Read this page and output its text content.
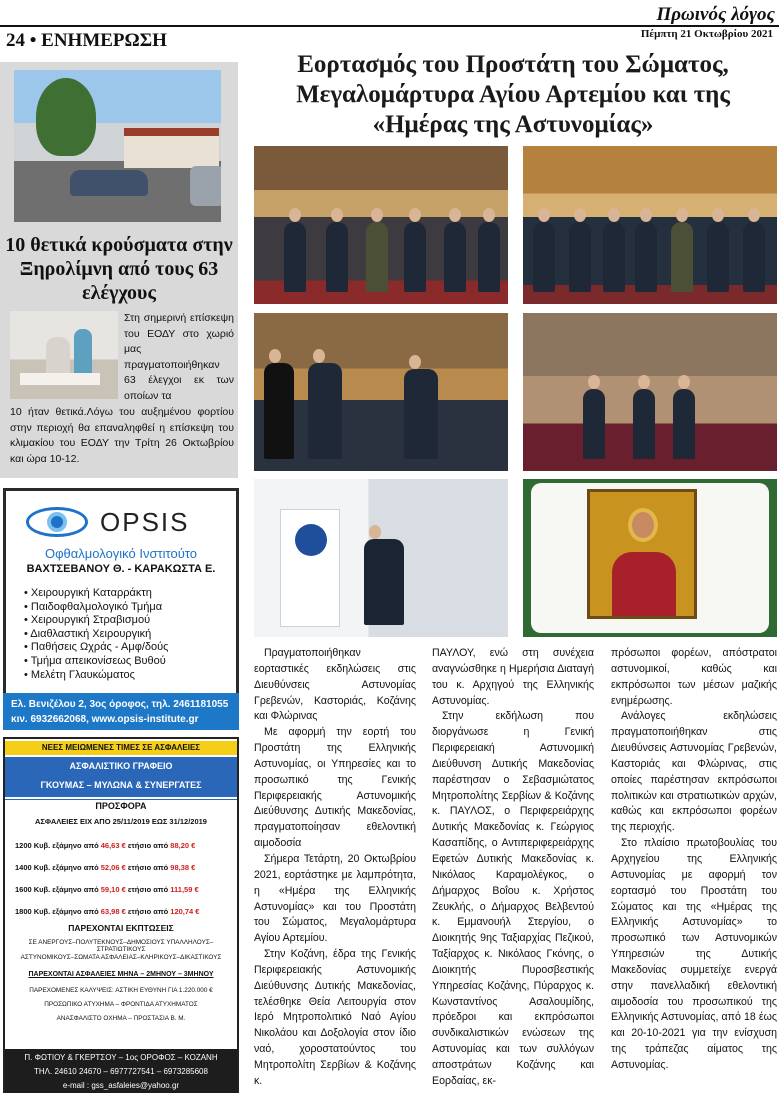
Πρωινός λόγος
24 • ΕΝΗΜΕΡΩΣΗ	Πέμπτη 21 Οκτωβρίου 2021
Εορτασμός του Προστάτη του Σώματος, Μεγαλομάρτυρα Αγίου Αρτεμίου και της «Ημέρας της Αστυνομίας»
10 θετικά κρούσματα στην Ξηρολίμνη από τους 63 ελέγχους

Στη σημερινή επίσκεψη του ΕΟΔΥ στο χωριό μας πραγματοποιήθηκαν 63 έλεγχοι εκ των οποίων τα

10 ήταν θετικά.Λόγω του αυξημένου φορτίου στην περιοχή θα επαναληφθεί η επίσκεψη του κλιμακίου του ΕΟΔΥ την Τρίτη 26 Οκτωβρίου και ώρα 10-12.

OPSIS
Οφθαλμολογικό Ινστιτούτο
ΒΑΧΤΣΕΒΑΝΟΥ Θ. - ΚΑΡΑΚΩΣΤΑ Ε.
• Χειρουργική Καταρράκτη
• Παιδοφθαλμολογικό Τμήμα
• Χειρουργική Στραβισμού
• Διαθλαστική Χειρουργική
• Παθήσεις Ωχράς - Αμφ/δούς
• Τμήμα απεικονίσεως Βυθού
• Μελέτη Γλαυκώματος
Ελ. Βενιζέλου 2, 3ος όροφος, τηλ. 2461181055
κιν. 6932662068, www.opsis-institute.gr
ΝΕΕΣ ΜΕΙΩΜΕΝΕΣ ΤΙΜΕΣ ΣΕ ΑΣΦΑΛΕΙΕΣ
ΑΣΦΑΛΙΣΤΙΚΟ ΓΡΑΦΕΙΟ
ΓΚΟΥΜΑΣ – ΜΥΛΩΝΑ & ΣΥΝΕΡΓΑΤΕΣ
ΠΡΟΣΦΟΡΑ
ΑΣΦΑΛΕΙΕΣ ΕΙΧ ΑΠΟ 25/11/2019 ΕΩΣ 31/12/2019
1200 Κυβ. εξάμηνο από 46,63 € ετήσιο από 88,20 €
1400 Κυβ. εξάμηνο από 52,06 € ετήσιο από 98,38 €
1600 Κυβ. εξάμηνο από 59,10 € ετήσιο από 111,59 €
1800 Κυβ. εξάμηνο από 63,98 € ετήσιο από 120,74 €
ΠΑΡΕΧΟΝΤΑΙ ΕΚΠΤΩΣΕΙΣ
ΣΕ ΑΝΕΡΓΟΥΣ–ΠΟΛΥΤΕΚΝΟΥΣ–ΔΗΜΟΣΙΟΥΣ ΥΠΑΛΛΗΛΟΥΣ–ΣΤΡΑΤΙΩΤΙΚΟΥΣ
ΑΣΤΥΝΟΜΙΚΟΥΣ–ΣΩΜΑΤΑ ΑΣΦΑΛΕΙΑΣ–ΚΛΗΡΙΚΟΥΣ–ΔΙΚΑΣΤΙΚΟΥΣ
ΠΑΡΕΧΟΝΤΑΙ ΑΣΦΑΛΕΙΕΣ ΜΗΝΑ – 2ΜΗΝΟΥ – 3ΜΗΝΟΥ
ΠΑΡΕΧΟΜΕΝΕΣ ΚΑΛΥΨΕΙΣ: ΑΣΤΙΚΗ ΕΥΘΥΝΗ ΓΙΑ 1.220.000 €
ΠΡΟΣΩΠΙΚΟ ΑΤΥΧΗΜΑ – ΦΡΟΝΤΙΔΑ ΑΤΥΧΗΜΑΤΟΣ
ΑΝΑΣΦΑΛΙΣΤΟ ΟΧΗΜΑ – ΠΡΟΣΤΑΣΙΑ Β. Μ.
Π. ΦΩΤΙΟΥ & ΓΚΕΡΤΣΟΥ – 1ος ΟΡΟΦΟΣ – ΚΟΖΑΝΗ
ΤΗΛ. 24610 24670 – 6977727541 – 6973285608
e-mail : gss_asfaleies@yahoo.gr

Πραγματοποιήθηκαν εορταστικές εκδηλώσεις στις Διευθύνσεις Αστυνομίας Γρεβενών, Καστοριάς, Κοζάνης και Φλώρινας

Με αφορμή την εορτή του Προστάτη της Ελληνικής Αστυνομίας, οι Υπηρεσίες και το προσωπικό της Γενικής Περιφερειακής Αστυνομικής Διεύθυνσης Δυτικής Μακεδονίας, πραγματοποίησαν εθελοντική αιμοδοσία

Σήμερα Τετάρτη, 20 Οκτωβρίου 2021, εορτάστηκε με λαμπρότητα, η «Ημέρα της Ελληνικής Αστυνομίας» και του Προστάτη του Σώματος, Μεγαλομάρτυρα Αγίου Αρτεμίου.

Στην Κοζάνη, έδρα της Γενικής Περιφερειακής Αστυνομικής Διεύθυνσης Δυτικής Μακεδονίας, τελέσθηκε Θεία Λειτουργία στον Ιερό Μητροπολιτικό Ναό Αγίου Νικολάου και Δοξολογία στον ίδιο ναό, χοροστατούντος του Μητροπολίτη Σερβίων & Κοζάνης κ.

ΠΑΥΛΟΥ, ενώ στη συνέχεια αναγνώσθηκε η Ημερήσια Διαταγή του κ. Αρχηγού της Ελληνικής Αστυνομίας.

Στην εκδήλωση που διοργάνωσε η Γενική Περιφερειακή Αστυνομική Διεύθυνση Δυτικής Μακεδονίας παρέστησαν ο Σεβασμιώτατος Μητροπολίτης Σερβίων & Κοζάνης κ. ΠΑΥΛΟΣ, ο Περιφερειάρχης Δυτικής Μακεδονίας κ. Γεώργιος Κασαπίδης, ο Αντιπεριφερειάρχης Εφετών Δυτικής Μακεδονίας κ. Νικόλαος Καραμολέγκος, ο Δήμαρχος Βοΐου κ. Χρήστος Ζευκλής, ο Δήμαρχος Βελβεντού κ. Εμμανουήλ Στεργίου, ο Διοικητής 9ης Ταξιαρχίας Πεζικού, Ταξίαρχος κ. Νικόλαος Γκόνης, ο Διοικητής Πυροσβεστικής Υπηρεσίας Κοζάνης, Πύραρχος κ. Κωνσταντίνος Ασαλουμίδης, πρόεδροι και εκπρόσωποι συνδικαλιστικών ενώσεων της Αστυνομίας και των συλλόγων αποστράτων Κοζάνης και Εορδαίας, εκ-

πρόσωποι φορέων, απόστρατοι αστυνομικοί, καθώς και εκπρόσωποι των μέσων μαζικής ενημέρωσης.

Ανάλογες εκδηλώσεις πραγματοποιήθηκαν στις Διευθύνσεις Αστυνομίας Γρεβενών, Καστοριάς και Φλώρινας, στις οποίες παρέστησαν εκπρόσωποι πολιτικών και στρατιωτικών αρχών, καθώς και εκπρόσωποι φορέων της περιοχής.

Στο πλαίσιο πρωτοβουλίας του Αρχηγείου της Ελληνικής Αστυνομίας με αφορμή τον εορτασμό του Προστάτη του Σώματος και της «Ημέρας της Ελληνικής Αστυνομίας» το προσωπικό των Αστυνομικών Υπηρεσιών της Δυτικής Μακεδονίας συμμετείχε ενεργά στην πανελλαδική εθελοντική αιμοδοσία του προσωπικού της Ελληνικής Αστυνομίας, από 18 έως και 20-10-2021 για την ενίσχυση της τράπεζας αίματος της Αστυνομίας.
